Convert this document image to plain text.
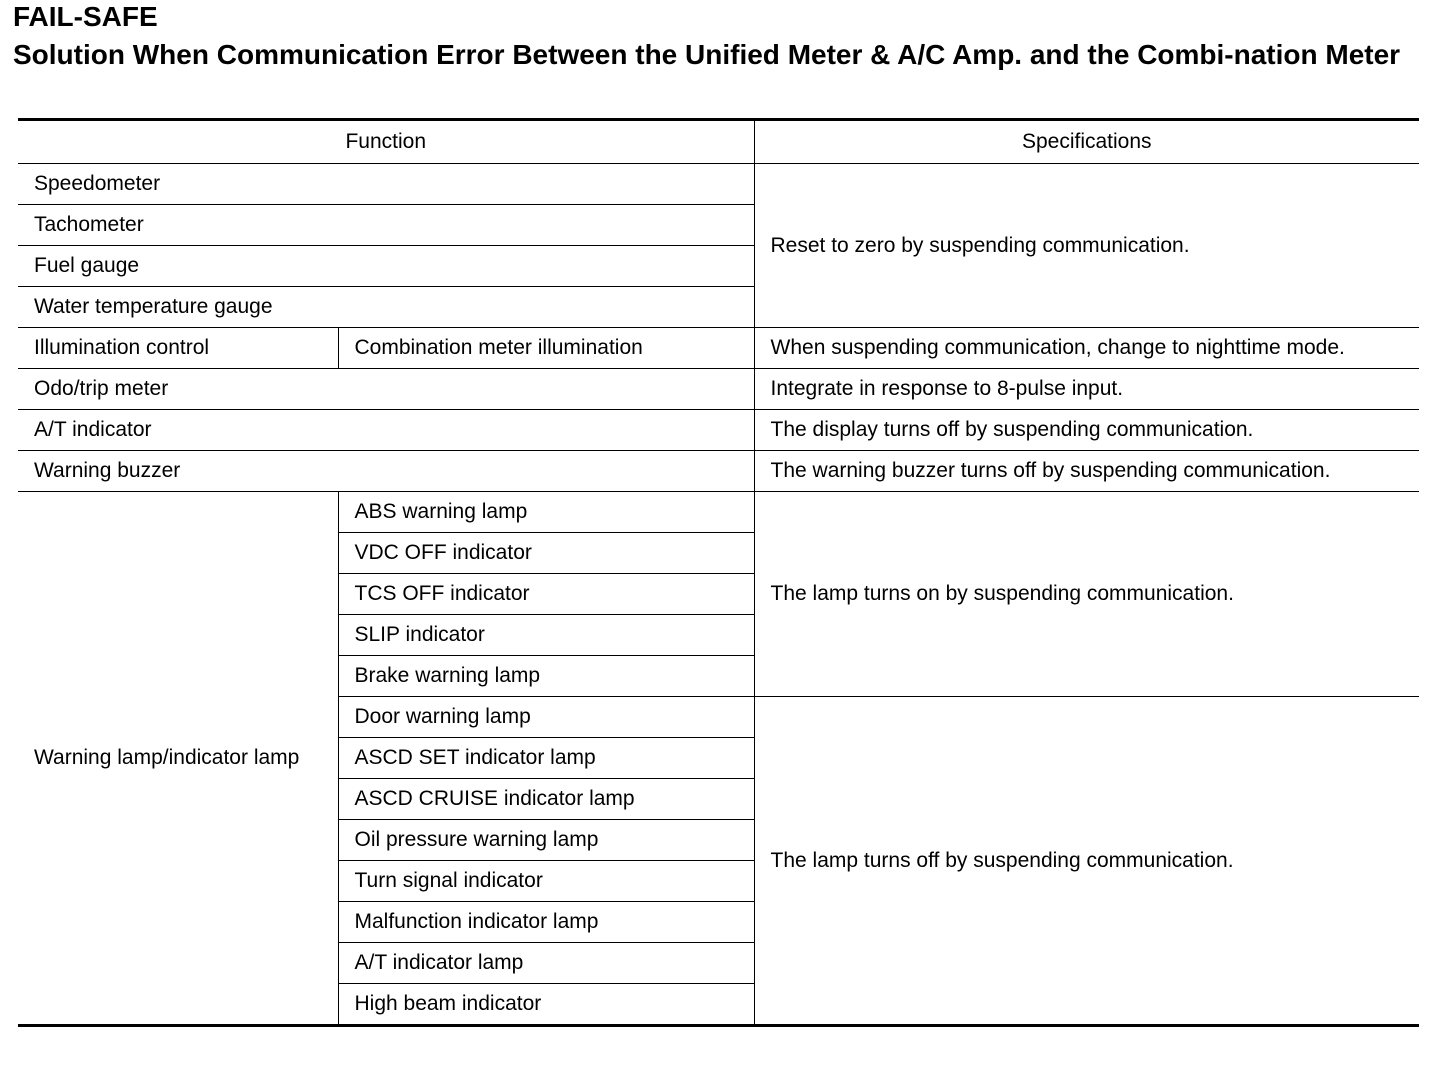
FAIL-SAFE
Solution When Communication Error Between the Unified Meter & A/C Amp. and the Combi-nation Meter
Function		Specifications
Speedometer		Reset to zero by suspending communication.
Tachometer		
Fuel gauge		
Water temperature gauge		
Illumination control	Combination meter illumination	When suspending communication, change to nighttime mode.
Odo/trip meter		Integrate in response to 8-pulse input.
A/T indicator		The display turns off by suspending communication.
Warning buzzer		The warning buzzer turns off by suspending communication.
Warning lamp/indicator lamp	ABS warning lamp	The lamp turns on by suspending communication.
	VDC OFF indicator	
	TCS OFF indicator	
	SLIP indicator	
	Brake warning lamp	
	Door warning lamp	The lamp turns off by suspending communication.
	ASCD SET indicator lamp	
	ASCD CRUISE indicator lamp	
	Oil pressure warning lamp	
	Turn signal indicator	
	Malfunction indicator lamp	
	A/T indicator lamp	
	High beam indicator	
